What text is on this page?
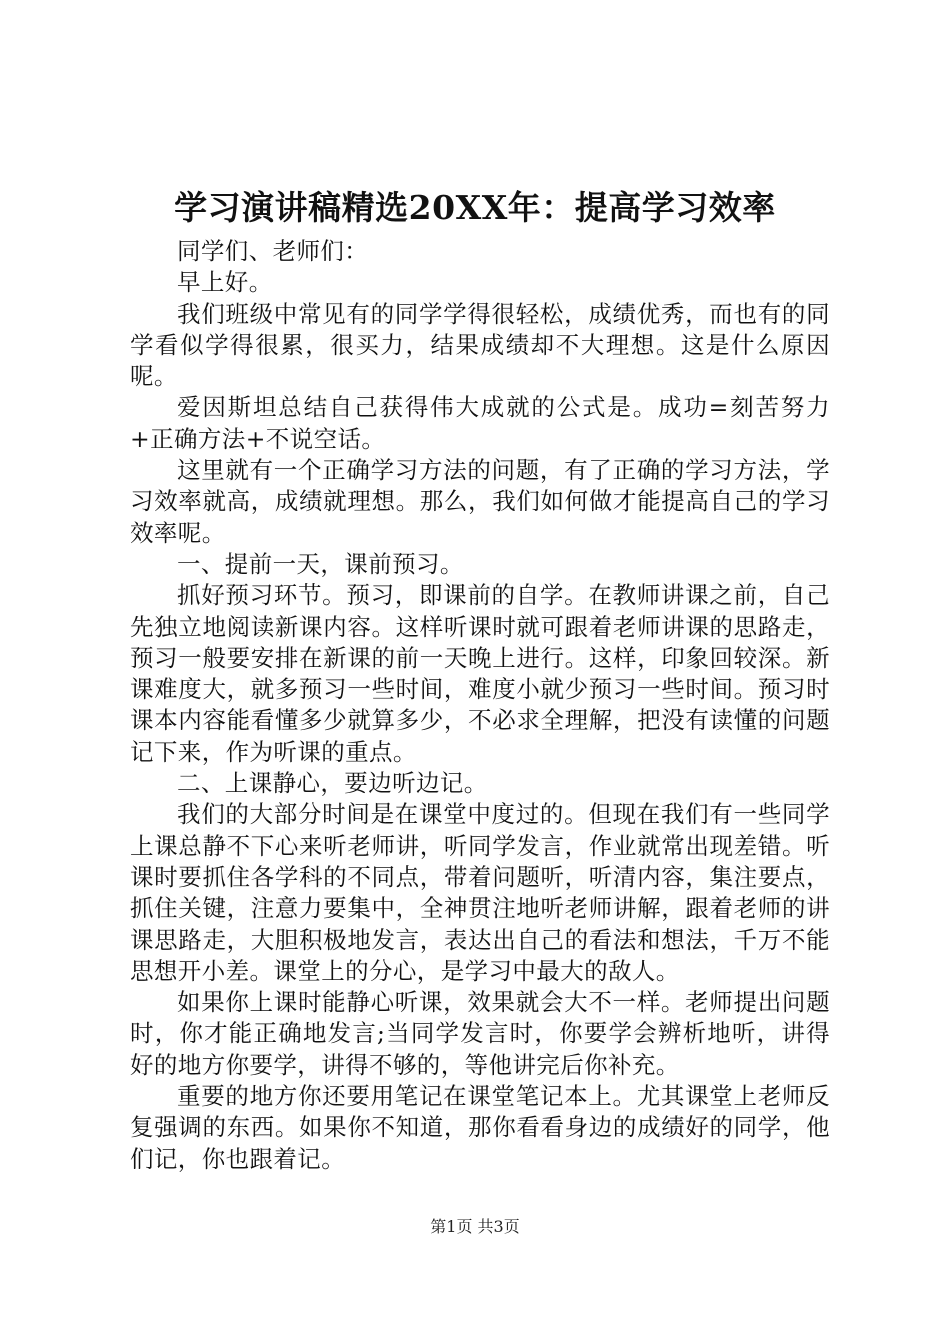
学习演讲稿精选20XX年：提高学习效率

同学们、老师们：

早上好。

我们班级中常见有的同学学得很轻松，成绩优秀，而也有的同学看似学得很累，很买力，结果成绩却不大理想。这是什么原因呢。

爱因斯坦总结自己获得伟大成就的公式是。成功=刻苦努力+正确方法+不说空话。

这里就有一个正确学习方法的问题，有了正确的学习方法，学习效率就高，成绩就理想。那么，我们如何做才能提高自己的学习效率呢。

一、提前一天，课前预习。

抓好预习环节。预习，即课前的自学。在教师讲课之前，自己先独立地阅读新课内容。这样听课时就可跟着老师讲课的思路走，预习一般要安排在新课的前一天晚上进行。这样，印象回较深。新课难度大，就多预习一些时间，难度小就少预习一些时间。预习时课本内容能看懂多少就算多少，不必求全理解，把没有读懂的问题记下来，作为听课的重点。

二、上课静心，要边听边记。

我们的大部分时间是在课堂中度过的。但现在我们有一些同学上课总静不下心来听老师讲，听同学发言，作业就常出现差错。听课时要抓住各学科的不同点，带着问题听，听清内容，集注要点，抓住关键，注意力要集中，全神贯注地听老师讲解，跟着老师的讲课思路走，大胆积极地发言，表达出自己的看法和想法，千万不能思想开小差。课堂上的分心，是学习中最大的敌人。

如果你上课时能静心听课，效果就会大不一样。老师提出问题时，你才能正确地发言;当同学发言时，你要学会辨析地听，讲得好的地方你要学，讲得不够的，等他讲完后你补充。

重要的地方你还要用笔记在课堂笔记本上。尤其课堂上老师反复强调的东西。如果你不知道，那你看看身边的成绩好的同学，他们记，你也跟着记。

第1页 共3页
